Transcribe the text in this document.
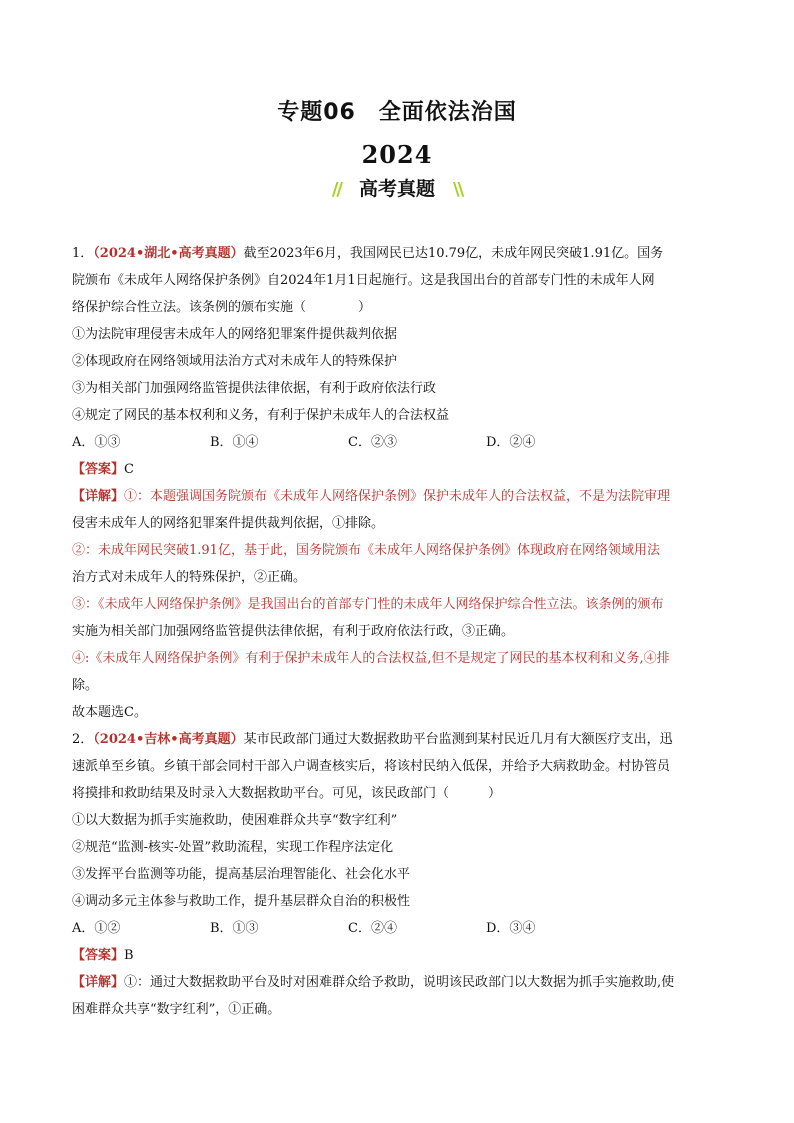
专题06　全面依法治国
2024
// 高考真题	\\

1．（2024•湖北•高考真题）截至2023年6月，我国网民已达10.79亿，未成年网民突破1.91亿。国务

院颁布《未成年人网络保护条例》自2024年1月1日起施行。这是我国出台的首部专门性的未成年人网

络保护综合性立法。该条例的颁布实施（　　　　）

①为法院审理侵害未成年人的网络犯罪案件提供裁判依据

②体现政府在网络领域用法治方式对未成年人的特殊保护

③为相关部门加强网络监管提供法律依据，有利于政府依法行政

④规定了网民的基本权利和义务，有利于保护未成年人的合法权益

A．①③	B．①④	C．②③	D．②④

【答案】C

【详解】①：本题强调国务院颁布《未成年人网络保护条例》保护未成年人的合法权益，不是为法院审理

侵害未成年人的网络犯罪案件提供裁判依据，①排除。

②：未成年网民突破1.91亿，基于此，国务院颁布《未成年人网络保护条例》体现政府在网络领域用法

治方式对未成年人的特殊保护，②正确。

③：《未成年人网络保护条例》是我国出台的首部专门性的未成年人网络保护综合性立法。该条例的颁布

实施为相关部门加强网络监管提供法律依据，有利于政府依法行政，③正确。

④:《未成年人网络保护条例》有利于保护未成年人的合法权益,但不是规定了网民的基本权利和义务,④排

除。

故本题选C。

2．（2024•吉林•高考真题）某市民政部门通过大数据救助平台监测到某村民近几月有大额医疗支出，迅

速派单至乡镇。乡镇干部会同村干部入户调查核实后，将该村民纳入低保，并给予大病救助金。村协管员

将摸排和救助结果及时录入大数据救助平台。可见，该民政部门（　　　）

①以大数据为抓手实施救助，使困难群众共享“数字红利”

②规范“监测-核实-处置”救助流程，实现工作程序法定化

③发挥平台监测等功能，提高基层治理智能化、社会化水平

④调动多元主体参与救助工作，提升基层群众自治的积极性

A．①②	B．①③	C．②④	D．③④

【答案】B

【详解】①：通过大数据救助平台及时对困难群众给予救助，说明该民政部门以大数据为抓手实施救助,使

困难群众共享“数字红利”，①正确。
